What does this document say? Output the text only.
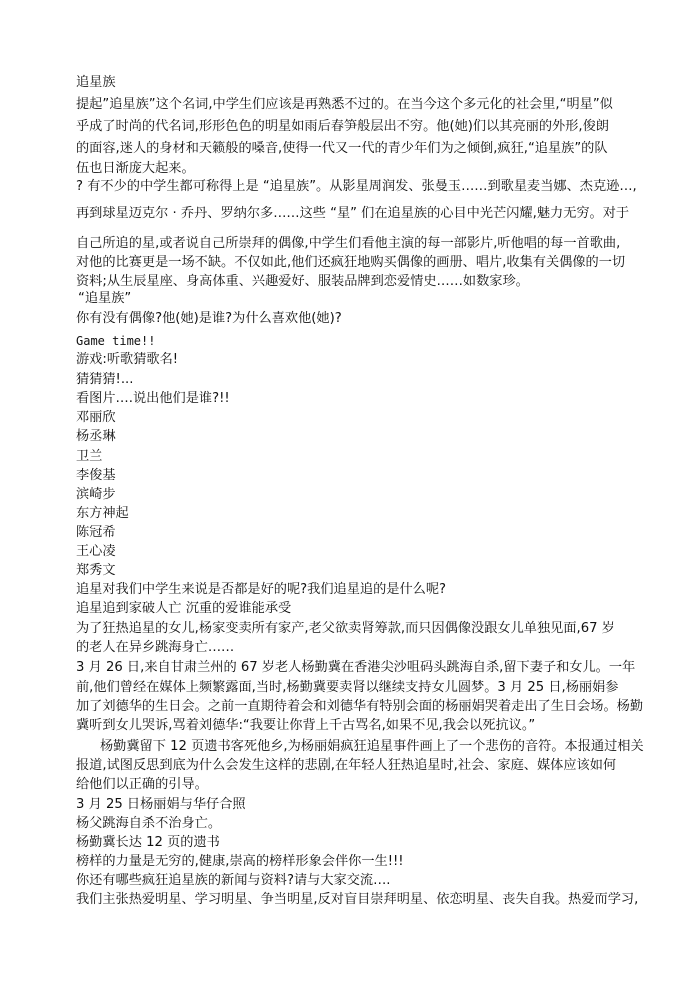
追星族
提起”追星族”这个名词,中学生们应该是再熟悉不过的。在当今这个多元化的社会里,“明星”似
乎成了时尚的代名词,形形色色的明星如雨后春笋般层出不穷。他(她)们以其亮丽的外形,俊朗
的面容,迷人的身材和天籁般的嗓音,使得一代又一代的青少年们为之倾倒,疯狂,“追星族”的队
伍也日渐庞大起来。
? 有不少的中学生都可称得上是 “追星族”。从影星周润发、张曼玉……到歌星麦当娜、杰克逊…,
再到球星迈克尔 · 乔丹、罗纳尔多……这些 “星” 们在追星族的心目中光芒闪耀,魅力无穷。对于
自己所追的星,或者说自己所崇拜的偶像,中学生们看他主演的每一部影片,听他唱的每一首歌曲,
对他的比赛更是一场不缺。不仅如此,他们还疯狂地购买偶像的画册、唱片,收集有关偶像的一切
资料;从生辰星座、身高体重、兴趣爱好、服装品牌到恋爱情史……如数家珍。
“追星族”
你有没有偶像?他(她)是谁?为什么喜欢他(她)?
Game time!!
游戏:听歌猜歌名!
猜猜猜!...
看图片….说出他们是谁?!!
邓丽欣
杨丞琳
卫兰
李俊基
滨崎步
东方神起
陈冠希
王心凌
郑秀文
追星对我们中学生来说是否都是好的呢?我们追星追的是什么呢?
追星追到家破人亡 沉重的爱谁能承受
为了狂热追星的女儿,杨家变卖所有家产,老父欲卖肾筹款,而只因偶像没跟女儿单独见面,67 岁
的老人在异乡跳海身亡……
3 月 26 日,来自甘肃兰州的 67 岁老人杨勤冀在香港尖沙咀码头跳海自杀,留下妻子和女儿。一年
前,他们曾经在媒体上频繁露面,当时,杨勤冀要卖肾以继续支持女儿圆梦。3 月 25 日,杨丽娟参
加了刘德华的生日会。之前一直期待着会和刘德华有特别会面的杨丽娟哭着走出了生日会场。杨勤
冀听到女儿哭诉,骂着刘德华:“我要让你背上千古骂名,如果不见,我会以死抗议。”
杨勤冀留下 12 页遗书客死他乡,为杨丽娟疯狂追星事件画上了一个悲伤的音符。本报通过相关
报道,试图反思到底为什么会发生这样的悲剧,在年轻人狂热追星时,社会、家庭、媒体应该如何
给他们以正确的引导。
3 月 25 日杨丽娟与华仔合照
杨父跳海自杀不治身亡。
杨勤冀长达 12 页的遗书
榜样的力量是无穷的,健康,崇高的榜样形象会伴你一生!!!
你还有哪些疯狂追星族的新闻与资料?请与大家交流….
我们主张热爱明星、学习明星、争当明星,反对盲目崇拜明星、依恋明星、丧失自我。热爱而学习,
